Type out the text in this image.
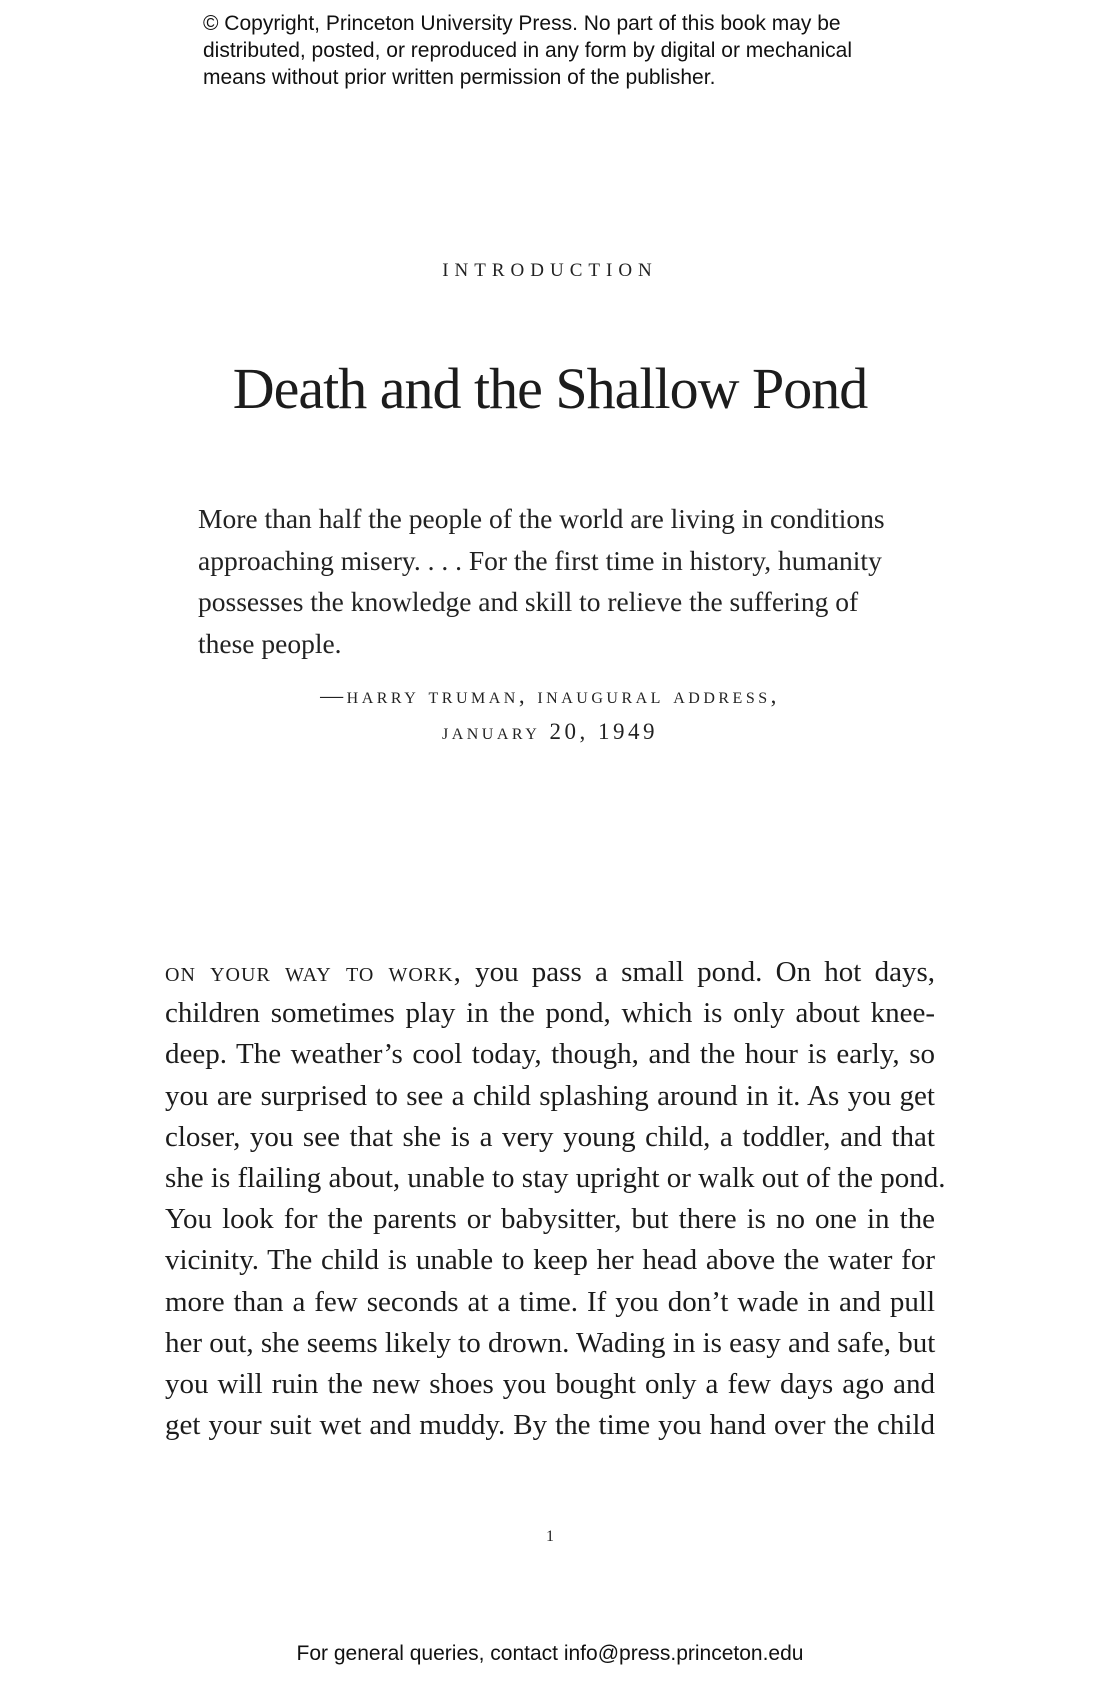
© Copyright, Princeton University Press. No part of this book may be
distributed, posted, or reproduced in any form by digital or mechanical
means without prior written permission of the publisher.
introduction
Death and the Shallow Pond
More than half the people of the world are living in conditions
approaching misery. . . . For the first time in history, humanity
possesses the knowledge and skill to relieve the suffering of
these people.
—harry truman, inaugural address,
january 20, 1949
on your way to work, you pass a small pond. On hot days,
children sometimes play in the pond, which is only about knee-
deep. The weather’s cool today, though, and the hour is early, so
you are surprised to see a child splashing around in it. As you get
closer, you see that she is a very young child, a toddler, and that
she is flailing about, unable to stay upright or walk out of the pond.
You look for the parents or babysitter, but there is no one in the
vicinity. The child is unable to keep her head above the water for
more than a few seconds at a time. If you don’t wade in and pull
her out, she seems likely to drown. Wading in is easy and safe, but
you will ruin the new shoes you bought only a few days ago and
get your suit wet and muddy. By the time you hand over the child
1
For general queries, contact info@press.princeton.edu
